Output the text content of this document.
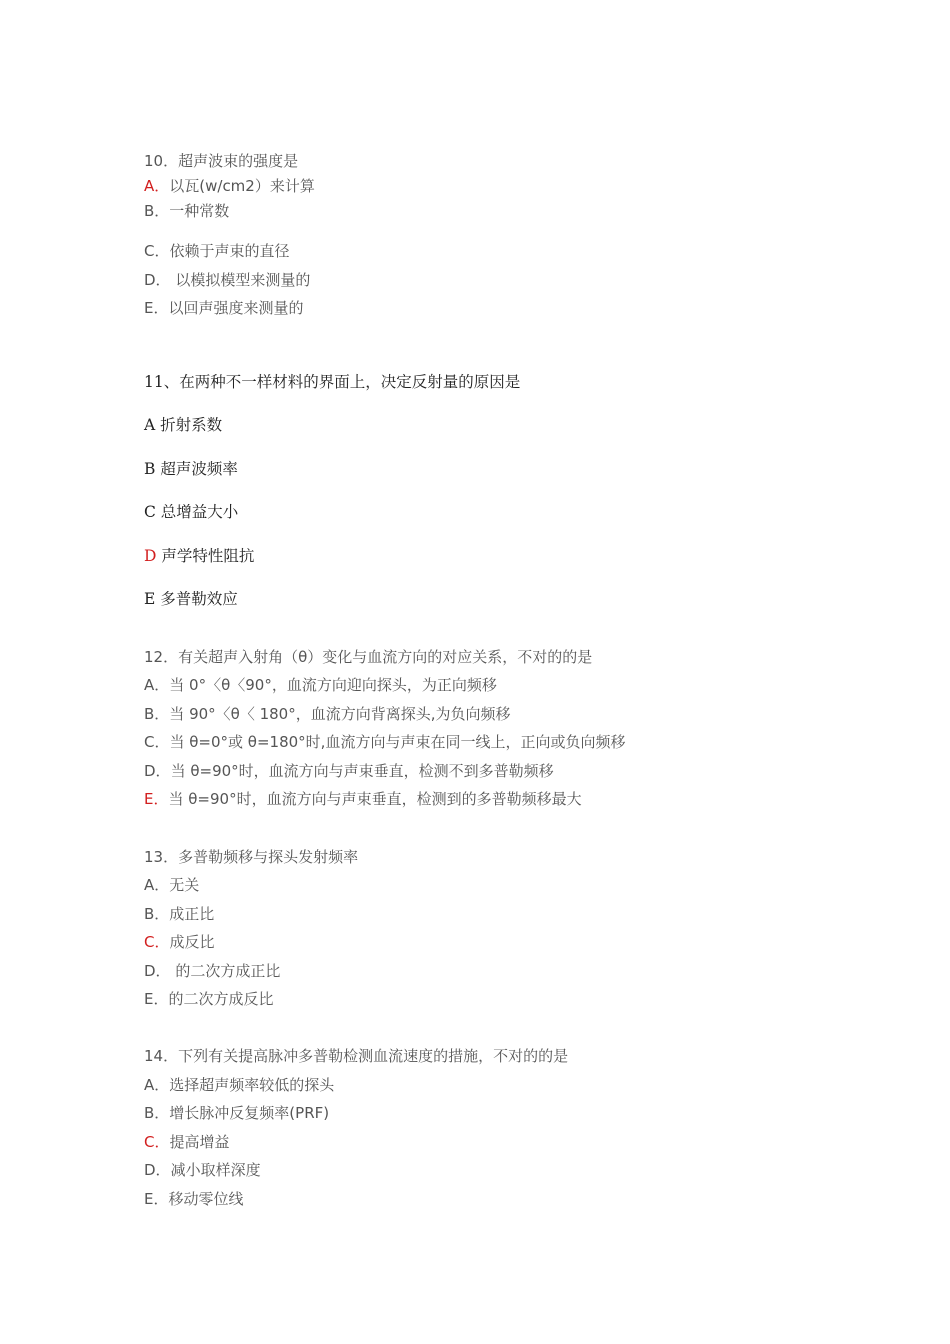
10．超声波束的强度是
A．以瓦(w/cm2）来计算
B．一种常数
C．依赖于声束的直径
D． 以模拟模型来测量的
E．以回声强度来测量的
11、在两种不一样材料的界面上，决定反射量的原因是
A 折射系数
B 超声波频率
C 总增益大小
D 声学特性阻抗
E 多普勒效应
12．有关超声入射角（θ）变化与血流方向的对应关系，不对的的是
A．当 0°〈θ〈90°，血流方向迎向探头，为正向频移
B．当 90°〈θ〈 180°，血流方向背离探头,为负向频移
C．当 θ=0°或 θ=180°时,血流方向与声束在同一线上，正向或负向频移
D．当 θ=90°时，血流方向与声束垂直，检测不到多普勒频移
E．当 θ=90°时，血流方向与声束垂直，检测到的多普勒频移最大
13．多普勒频移与探头发射频率
A．无关
B．成正比
C．成反比
D． 的二次方成正比
E．的二次方成反比
14．下列有关提高脉冲多普勒检测血流速度的措施，不对的的是
A．选择超声频率较低的探头
B．增长脉冲反复频率(PRF)
C．提高增益
D．减小取样深度
E．移动零位线
